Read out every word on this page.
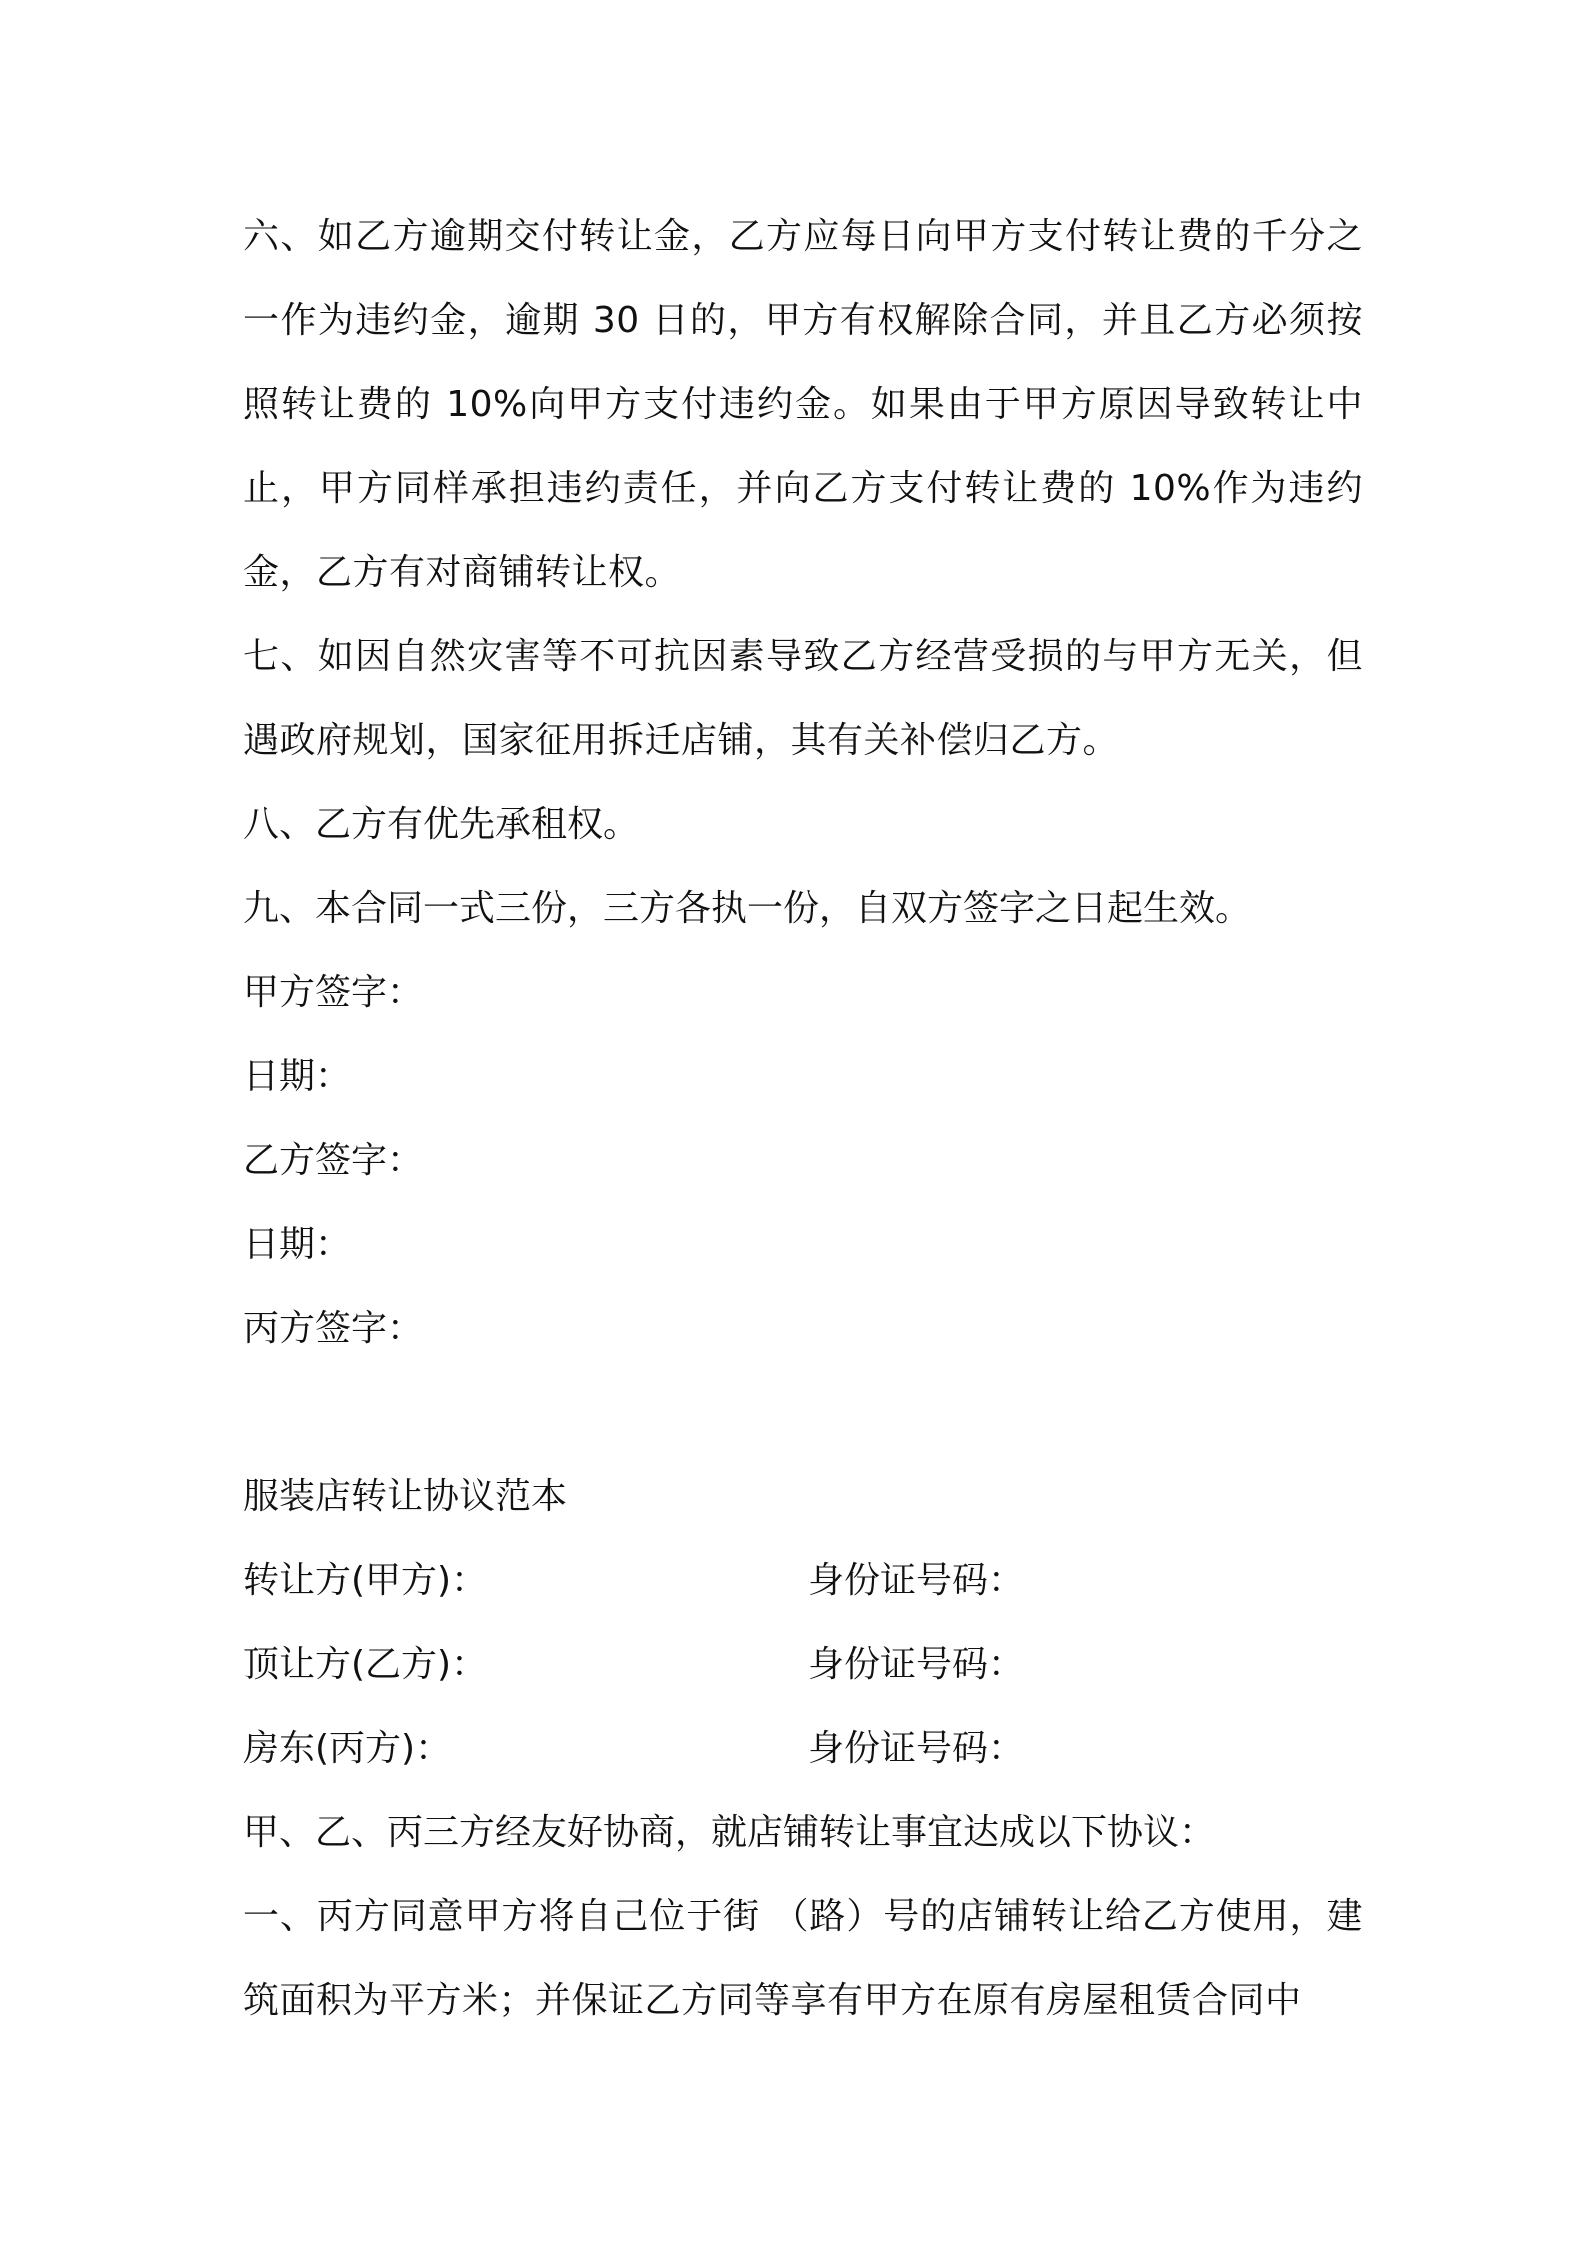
六、如乙方逾期交付转让金，乙方应每日向甲方支付转让费的千分之一作为违约金，逾期 30 日的，甲方有权解除合同，并且乙方必须按照转让费的 10%向甲方支付违约金。如果由于甲方原因导致转让中止，甲方同样承担违约责任，并向乙方支付转让费的 10%作为违约金，乙方有对商铺转让权。

七、如因自然灾害等不可抗因素导致乙方经营受损的与甲方无关，但遇政府规划，国家征用拆迁店铺，其有关补偿归乙方。

八、乙方有优先承租权。

九、本合同一式三份，三方各执一份，自双方签字之日起生效。

甲方签字：

日期：

乙方签字：

日期：

丙方签字：

服装店转让协议范本

转让方(甲方)：	身份证号码：
顶让方(乙方)：	身份证号码：
房东(丙方)：	身份证号码：

甲、乙、丙三方经友好协商，就店铺转让事宜达成以下协议：

一、丙方同意甲方将自己位于街 （路）号的店铺转让给乙方使用，建筑面积为平方米；并保证乙方同等享有甲方在原有房屋租赁合同中
